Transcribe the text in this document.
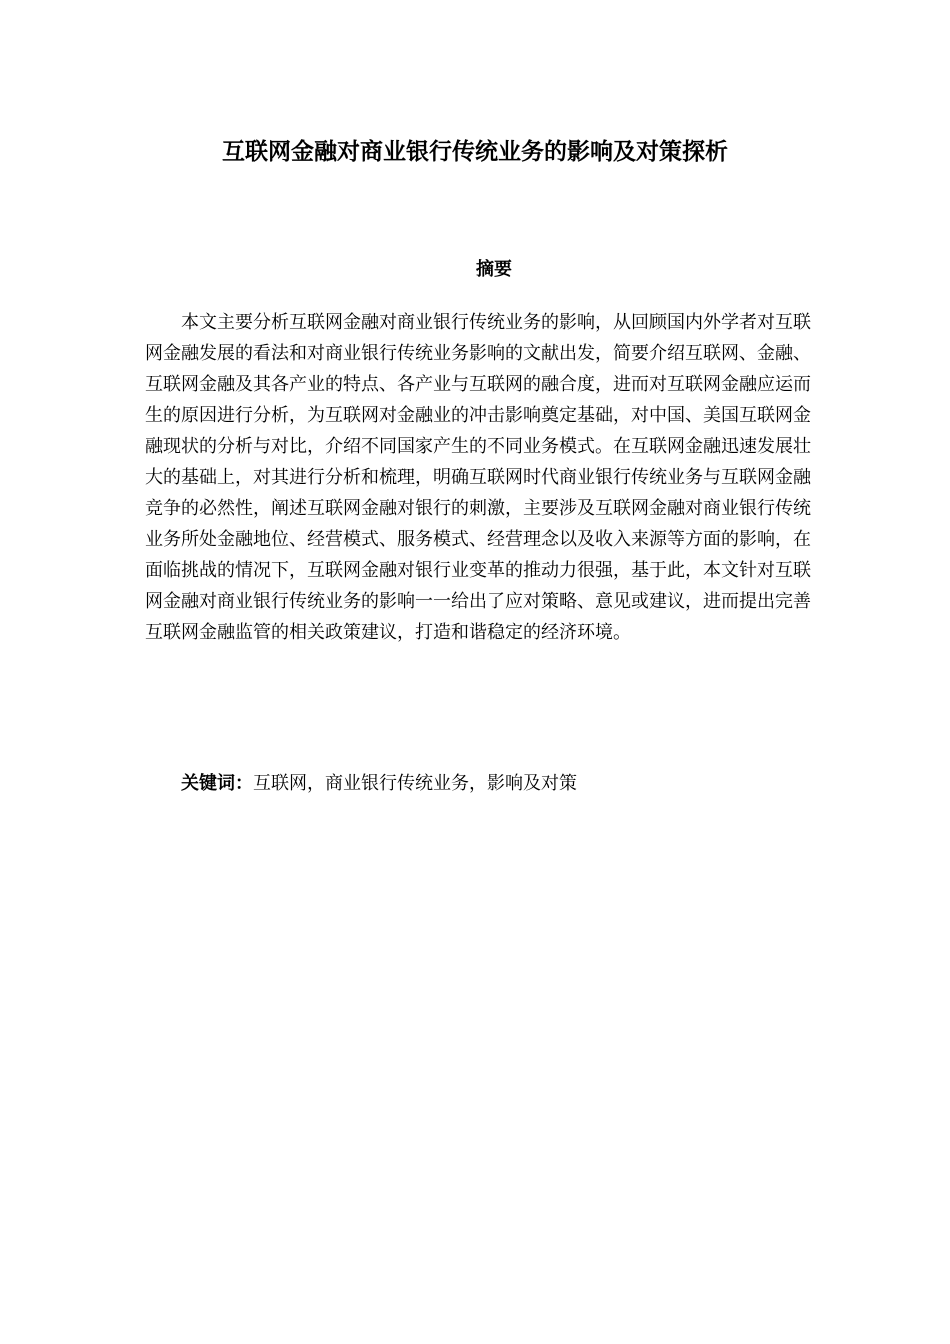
互联网金融对商业银行传统业务的影响及对策探析
摘要

本文主要分析互联网金融对商业银行传统业务的影响，从回顾国内外学者对互联网金融发展的看法和对商业银行传统业务影响的文献出发，简要介绍互联网、金融、互联网金融及其各产业的特点、各产业与互联网的融合度，进而对互联网金融应运而生的原因进行分析，为互联网对金融业的冲击影响奠定基础，对中国、美国互联网金融现状的分析与对比，介绍不同国家产生的不同业务模式。在互联网金融迅速发展壮大的基础上，对其进行分析和梳理，明确互联网时代商业银行传统业务与互联网金融竞争的必然性，阐述互联网金融对银行的刺激，主要涉及互联网金融对商业银行传统业务所处金融地位、经营模式、服务模式、经营理念以及收入来源等方面的影响，在面临挑战的情况下，互联网金融对银行业变革的推动力很强，基于此，本文针对互联网金融对商业银行传统业务的影响一一给出了应对策略、意见或建议，进而提出完善互联网金融监管的相关政策建议，打造和谐稳定的经济环境。

关键词：互联网，商业银行传统业务，影响及对策
